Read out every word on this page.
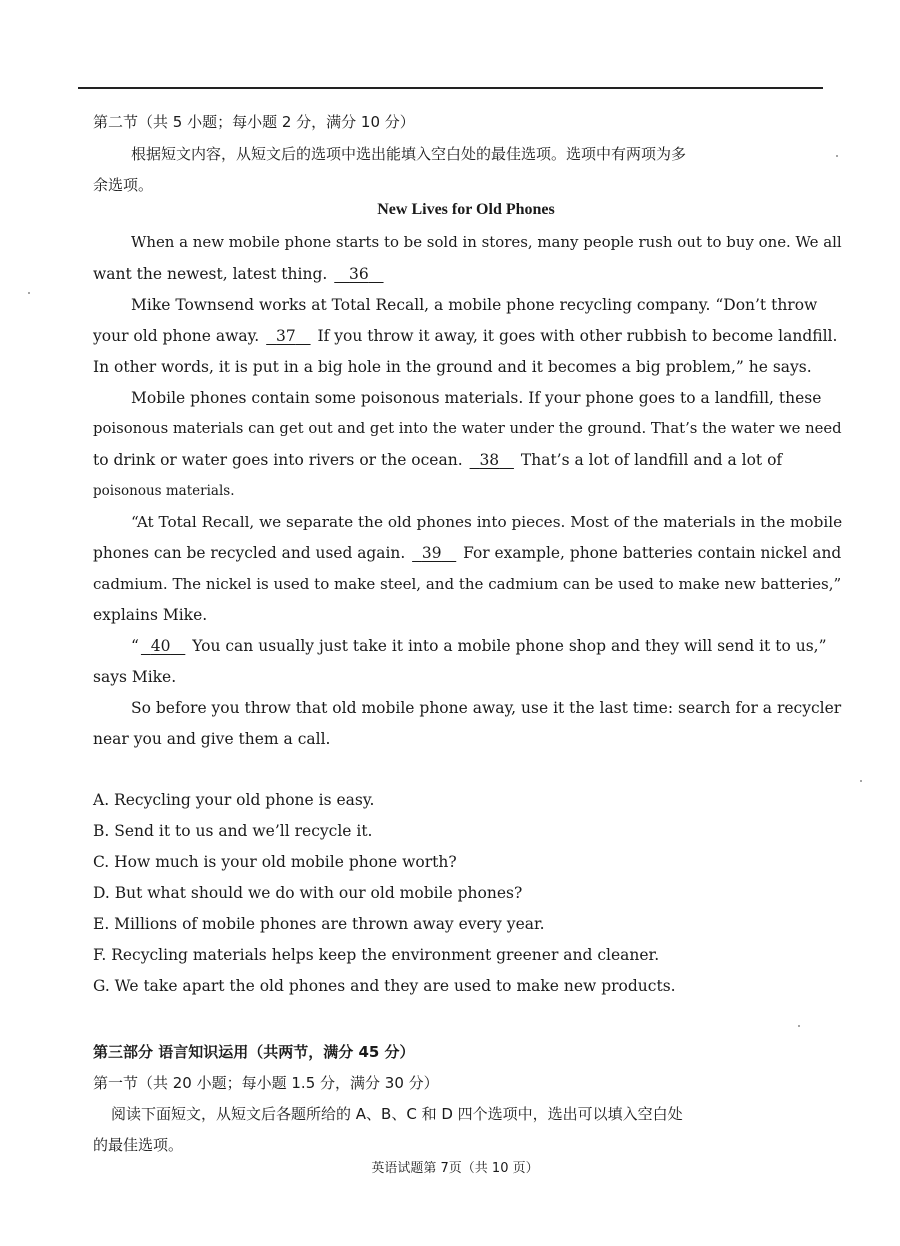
第二节（共 5 小题；每小题 2 分，满分 10 分）
根据短文内容，从短文后的选项中选出能填入空白处的最佳选项。选项中有两项为多
余选项。
New Lives for Old Phones
When a new mobile phone starts to be sold in stores, many people rush out to buy one. We all
want the newest, latest thing. 36
Mike Townsend works at Total Recall, a mobile phone recycling company. “Don’t throw
your old phone away. 37 If you throw it away, it goes with other rubbish to become landfill.
In other words, it is put in a big hole in the ground and it becomes a big problem,” he says.
Mobile phones contain some poisonous materials. If your phone goes to a landfill, these
poisonous materials can get out and get into the water under the ground. That’s the water we need
to drink or water goes into rivers or the ocean. 38 That’s a lot of landfill and a lot of
poisonous materials.
“At Total Recall, we separate the old phones into pieces. Most of the materials in the mobile
phones can be recycled and used again. 39 For example, phone batteries contain nickel and
cadmium. The nickel is used to make steel, and the cadmium can be used to make new batteries,”
explains Mike.
“ 40 You can usually just take it into a mobile phone shop and they will send it to us,”
says Mike.
So before you throw that old mobile phone away, use it the last time: search for a recycler
near you and give them a call.
A. Recycling your old phone is easy.
B. Send it to us and we’ll recycle it.
C. How much is your old mobile phone worth?
D. But what should we do with our old mobile phones?
E. Millions of mobile phones are thrown away every year.
F. Recycling materials helps keep the environment greener and cleaner.
G. We take apart the old phones and they are used to make new products.
第三部分 语言知识运用（共两节，满分 45 分）
第一节（共 20 小题；每小题 1.5 分，满分 30 分）
阅读下面短文，从短文后各题所给的 A、B、C 和 D 四个选项中，选出可以填入空白处
的最佳选项。
英语试题第 7页（共 10 页）
